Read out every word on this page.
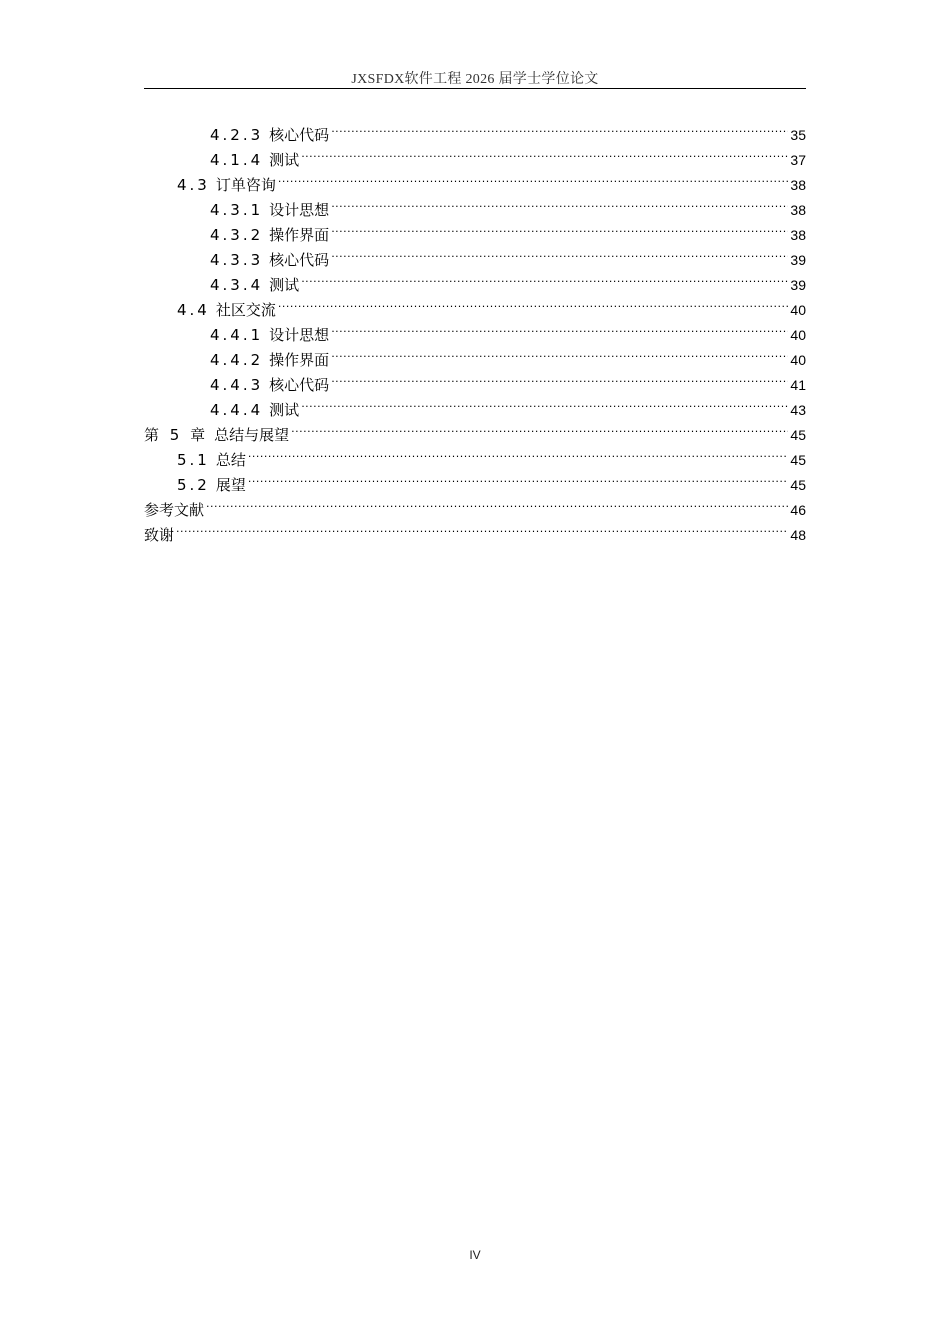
JXSFDX软件工程 2026 届学士学位论文
4.2.3 核心代码 .....	35
4.1.4 测试 .....	37
4.3 订单咨询 .....	38
4.3.1 设计思想 .....	38
4.3.2 操作界面 .....	38
4.3.3 核心代码 .....	39
4.3.4 测试 .....	39
4.4 社区交流 .....	40
4.4.1 设计思想 .....	40
4.4.2 操作界面 .....	40
4.4.3 核心代码 .....	41
4.4.4 测试 .....	43
第 5 章 总结与展望 .....	45
5.1 总结 .....	45
5.2 展望 .....	45
参考文献 .....	46
致谢 .....	48
IV
